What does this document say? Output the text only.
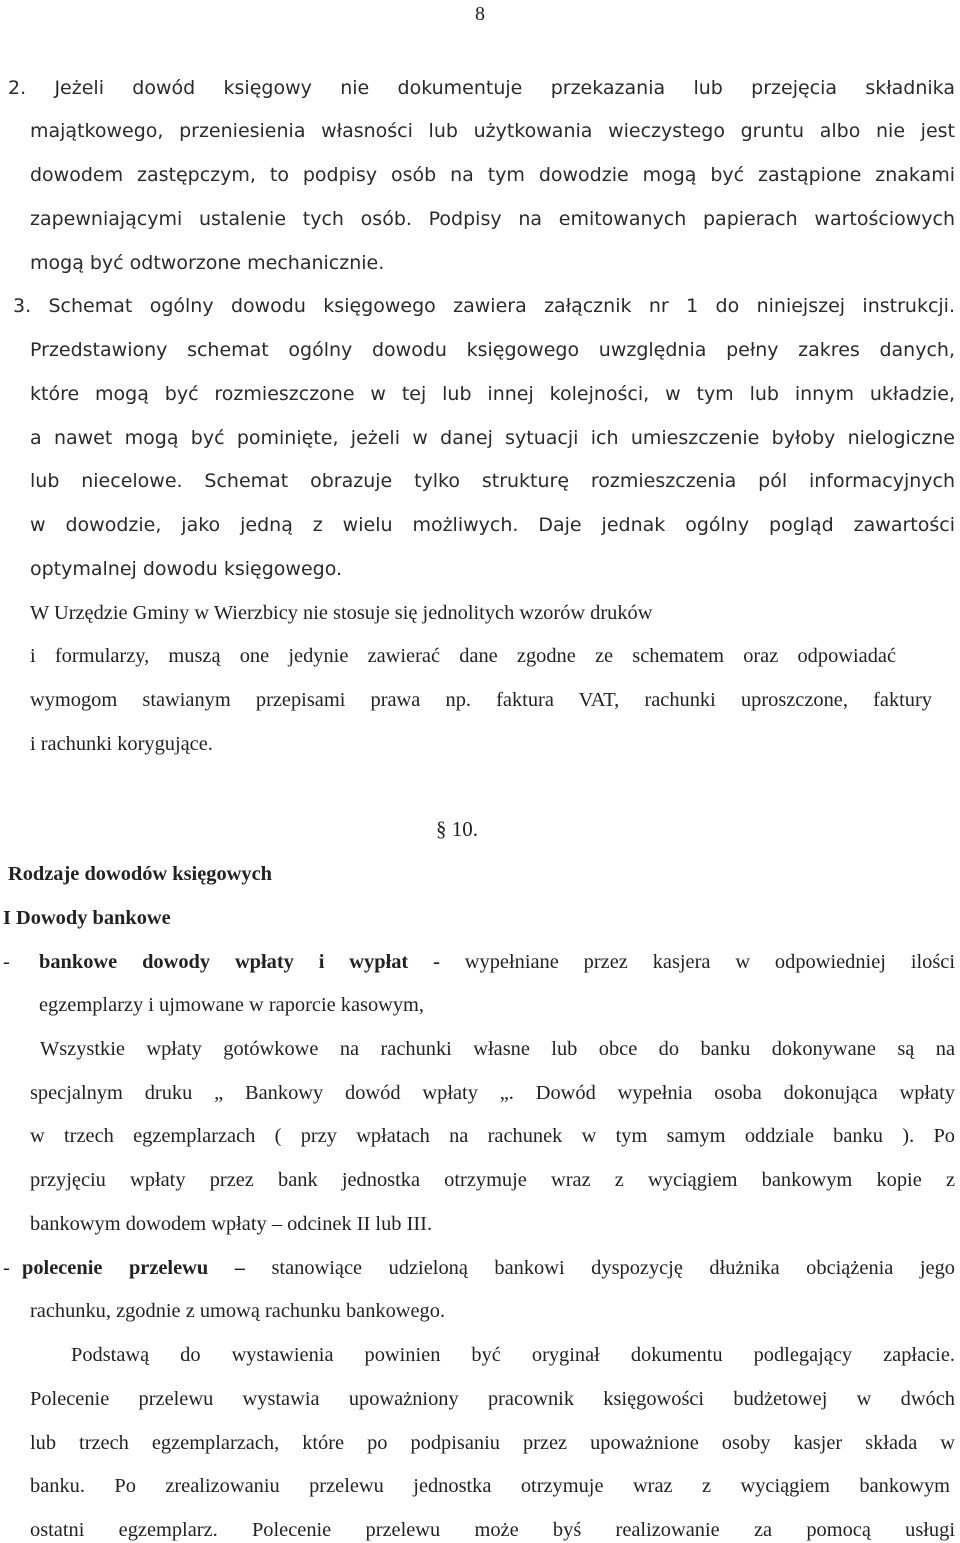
8
2. Jeżeli dowód księgowy nie dokumentuje przekazania lub przejęcia składnika
majątkowego, przeniesienia własności lub użytkowania wieczystego gruntu albo nie jest
dowodem zastępczym, to podpisy osób na tym dowodzie mogą być zastąpione znakami
zapewniającymi ustalenie tych osób. Podpisy na emitowanych papierach wartościowych
mogą być odtworzone mechanicznie.
3. Schemat ogólny dowodu księgowego zawiera załącznik nr 1 do niniejszej instrukcji.
Przedstawiony schemat ogólny dowodu księgowego uwzględnia pełny zakres danych,
które mogą być rozmieszczone w tej lub innej kolejności, w tym lub innym układzie,
a nawet mogą być pominięte, jeżeli w danej sytuacji ich umieszczenie byłoby nielogiczne
lub niecelowe. Schemat obrazuje tylko strukturę rozmieszczenia pól informacyjnych
w dowodzie, jako jedną z wielu możliwych. Daje jednak ogólny pogląd zawartości
optymalnej dowodu księgowego.
W Urzędzie Gminy w Wierzbicy nie stosuje się jednolitych wzorów druków
i formularzy, muszą one jedynie zawierać dane zgodne ze schematem oraz odpowiadać
wymogom stawianym przepisami prawa np. faktura VAT, rachunki uproszczone, faktury
i rachunki korygujące.
§ 10.
Rodzaje dowodów księgowych
I Dowody bankowe
-	bankowe dowody wpłaty i wypłat - wypełniane przez kasjera w odpowiedniej ilości
egzemplarzy i ujmowane w raporcie kasowym,
Wszystkie wpłaty gotówkowe na rachunki własne lub obce do banku dokonywane są na
specjalnym druku „ Bankowy dowód wpłaty „. Dowód wypełnia osoba dokonująca wpłaty
w trzech egzemplarzach ( przy wpłatach na rachunek w tym samym oddziale banku ). Po
przyjęciu wpłaty przez bank jednostka otrzymuje wraz z wyciągiem bankowym kopie z
bankowym dowodem wpłaty – odcinek II lub III.
- polecenie przelewu – stanowiące udzieloną bankowi dyspozycję dłużnika obciążenia jego
rachunku, zgodnie z umową rachunku bankowego.
Podstawą do wystawienia powinien być oryginał dokumentu podlegający zapłacie.
Polecenie przelewu wystawia upoważniony pracownik księgowości budżetowej w dwóch
lub trzech egzemplarzach, które po podpisaniu przez upoważnione osoby kasjer składa w
banku. Po zrealizowaniu przelewu jednostka otrzymuje wraz z wyciągiem bankowym
ostatni egzemplarz. Polecenie przelewu może byś realizowanie za pomocą usługi
